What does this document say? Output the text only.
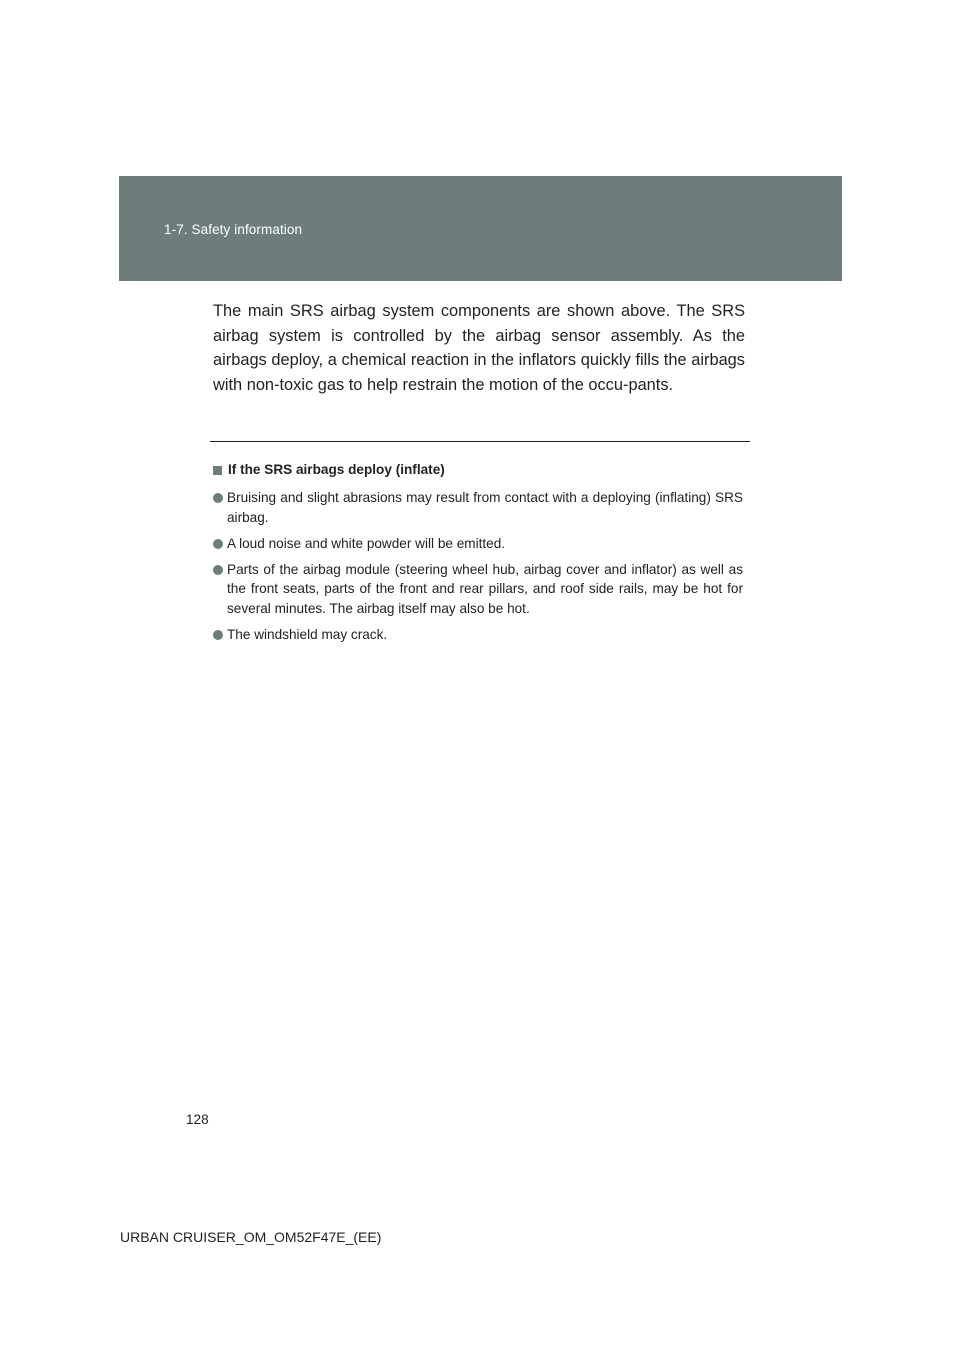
1-7. Safety information

The main SRS airbag system components are shown above. The SRS airbag system is controlled by the airbag sensor assembly. As the airbags deploy, a chemical reaction in the inflators quickly fills the airbags with non-toxic gas to help restrain the motion of the occu-pants.

If the SRS airbags deploy (inflate)
Bruising and slight abrasions may result from contact with a deploying (inflating) SRS airbag.
A loud noise and white powder will be emitted.
Parts of the airbag module (steering wheel hub, airbag cover and inflator) as well as the front seats, parts of the front and rear pillars, and roof side rails, may be hot for several minutes. The airbag itself may also be hot.
The windshield may crack.
128
URBAN CRUISER_OM_OM52F47E_(EE)
